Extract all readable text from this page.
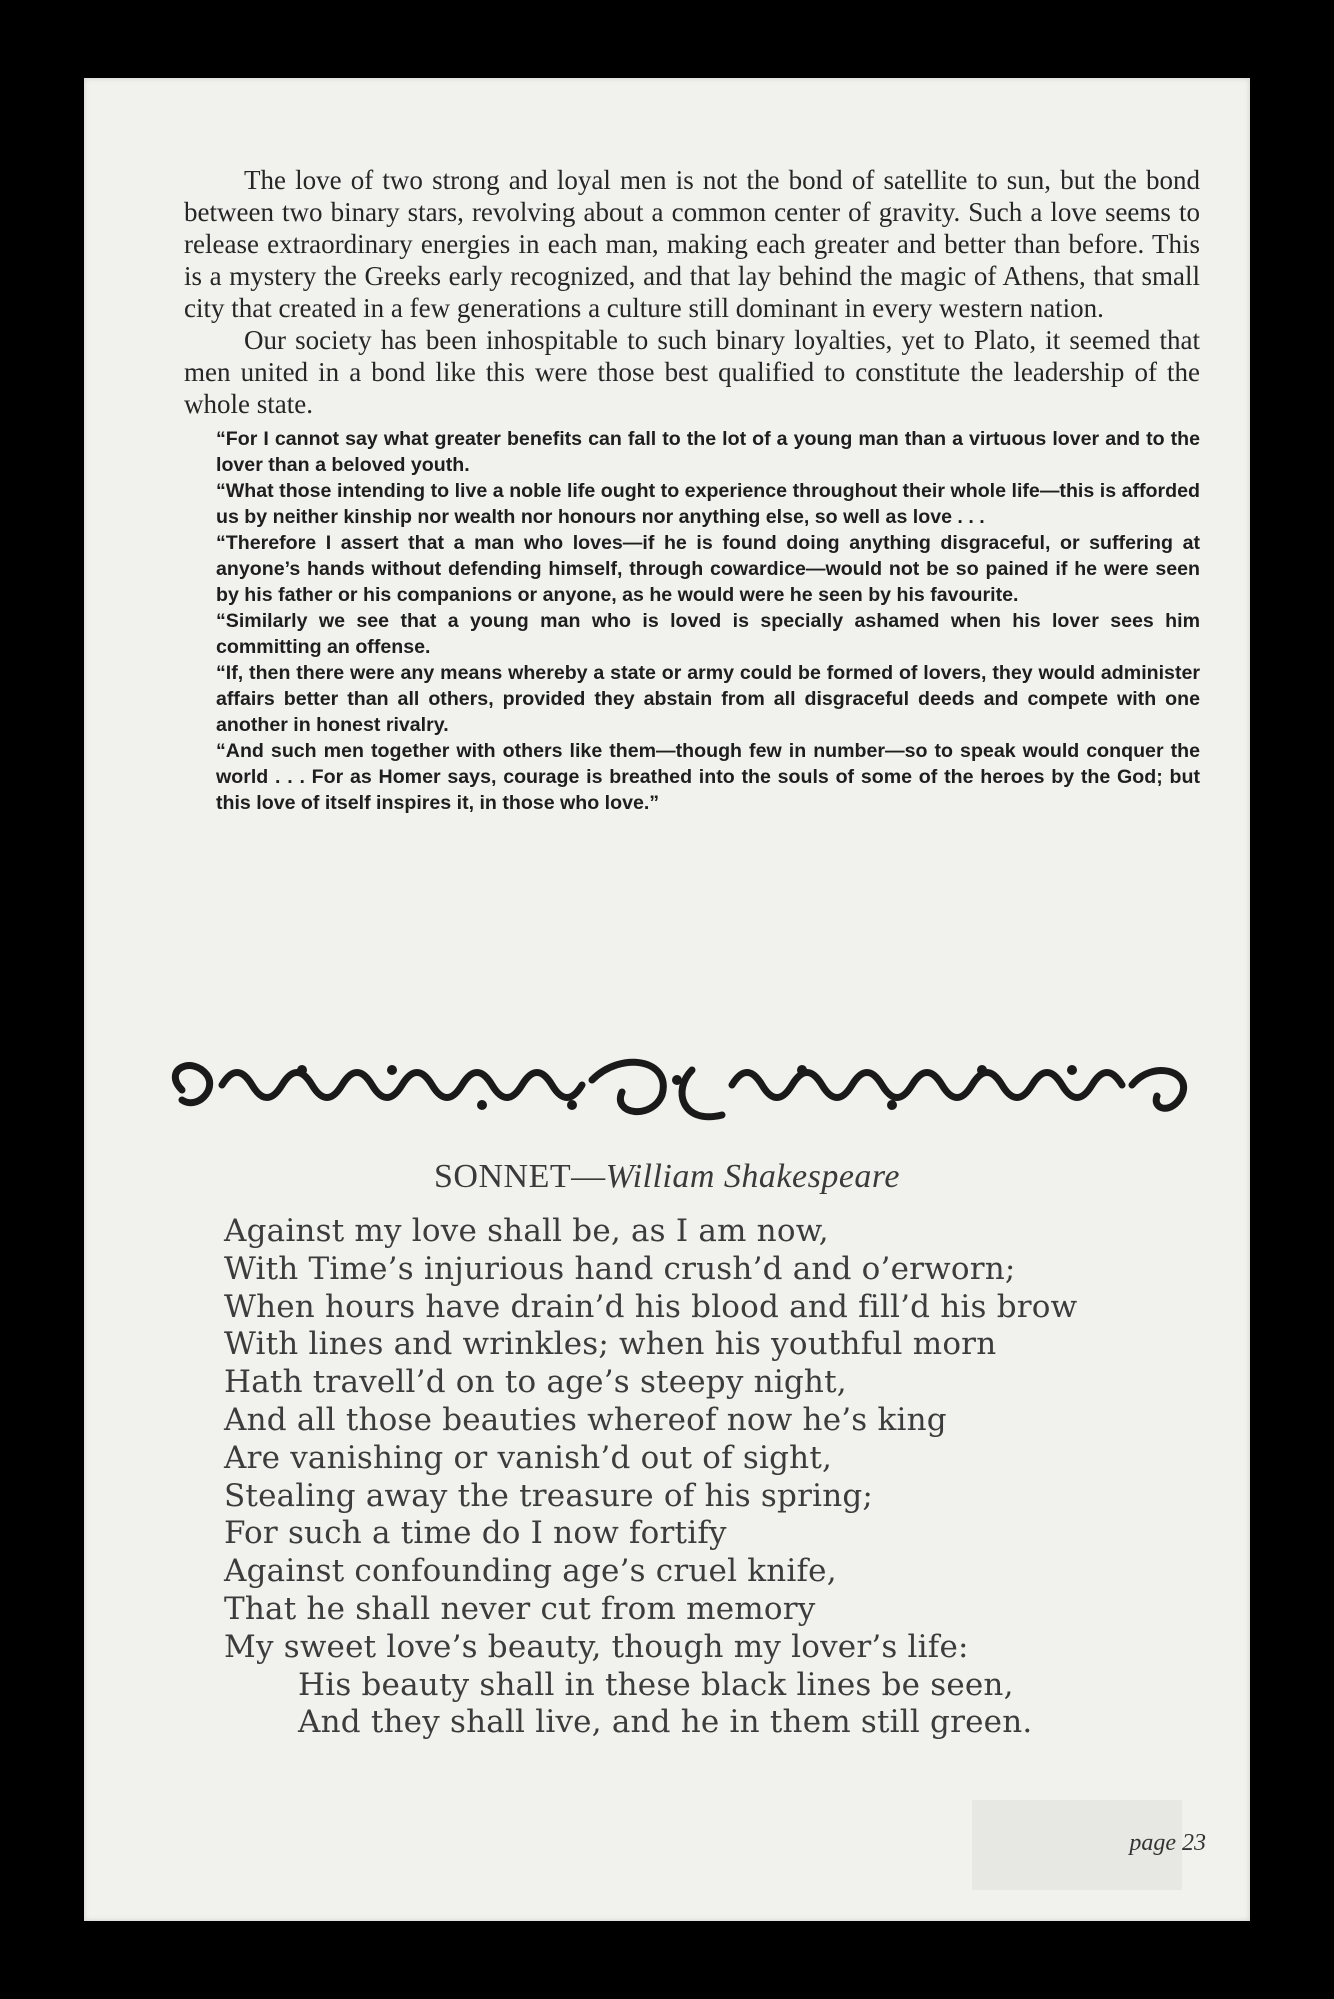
The love of two strong and loyal men is not the bond of satellite to sun, but the bond between two binary stars, revolving about a common center of gravity. Such a love seems to release extraordinary energies in each man, making each greater and better than before. This is a mystery the Greeks early recognized, and that lay behind the magic of Athens, that small city that created in a few generations a culture still dominant in every western nation.

Our society has been inhospitable to such binary loyalties, yet to Plato, it seemed that men united in a bond like this were those best qualified to constitute the leadership of the whole state.

“For I cannot say what greater benefits can fall to the lot of a young man than a virtuous lover and to the lover than a beloved youth.

“What those intending to live a noble life ought to experience throughout their whole life—this is afforded us by neither kinship nor wealth nor honours nor anything else, so well as love . . .

“Therefore I assert that a man who loves—if he is found doing anything disgraceful, or suffering at anyone’s hands without defending himself, through cowardice—would not be so pained if he were seen by his father or his companions or anyone, as he would were he seen by his favourite.

“Similarly we see that a young man who is loved is specially ashamed when his lover sees him committing an offense.

“If, then there were any means whereby a state or army could be formed of lovers, they would administer affairs better than all others, provided they abstain from all disgraceful deeds and compete with one another in honest rivalry.

“And such men together with others like them—though few in number—so to speak would conquer the world . . . For as Homer says, courage is breathed into the souls of some of the heroes by the God; but this love of itself inspires it, in those who love.”

SONNET—William Shakespeare
Against my love shall be, as I am now,
With Time’s injurious hand crush’d and o’erworn;
When hours have drain’d his blood and fill’d his brow
With lines and wrinkles; when his youthful morn
Hath travell’d on to age’s steepy night,
And all those beauties whereof now he’s king
Are vanishing or vanish’d out of sight,
Stealing away the treasure of his spring;
For such a time do I now fortify
Against confounding age’s cruel knife,
That he shall never cut from memory
My sweet love’s beauty, though my lover’s life:
His beauty shall in these black lines be seen,
And they shall live, and he in them still green.
page 23
